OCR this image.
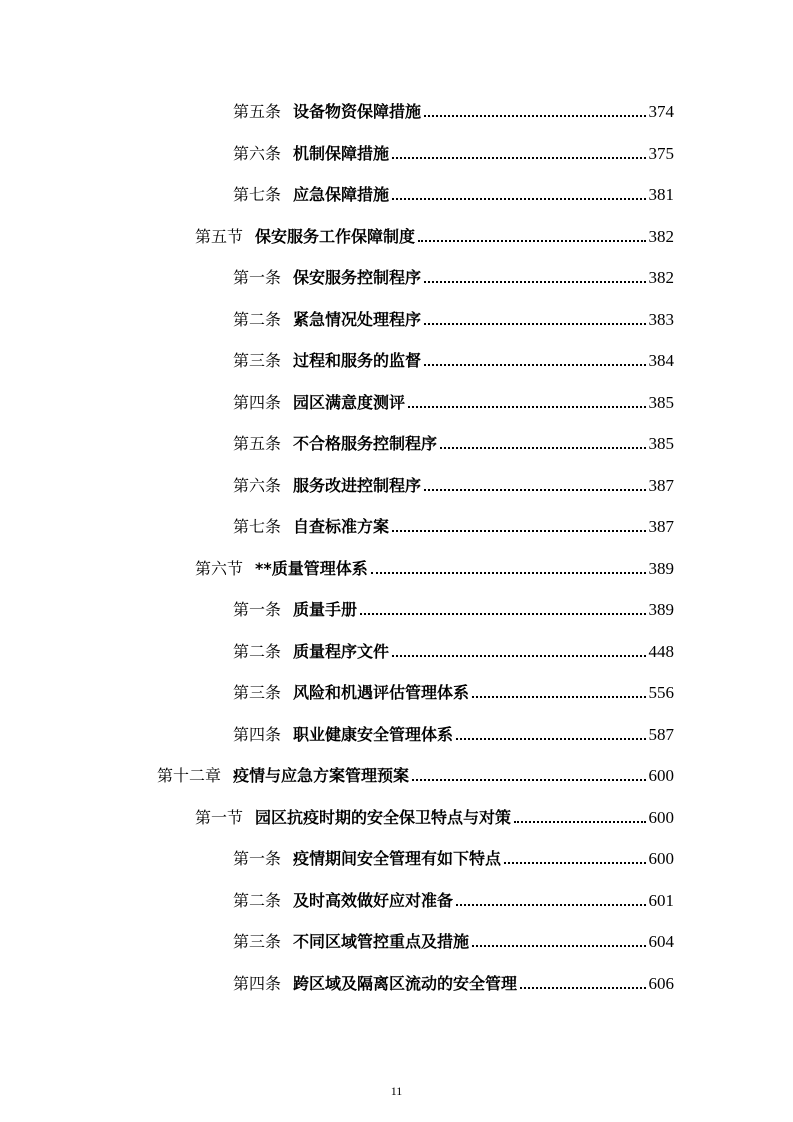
第五条 设备物资保障措施	374
第六条 机制保障措施	375
第七条 应急保障措施	381
第五节 保安服务工作保障制度	382
第一条 保安服务控制程序	382
第二条 紧急情况处理程序	383
第三条 过程和服务的监督	384
第四条 园区满意度测评	385
第五条 不合格服务控制程序	385
第六条 服务改进控制程序	387
第七条 自查标准方案	387
第六节 **质量管理体系	389
第一条 质量手册	389
第二条 质量程序文件	448
第三条 风险和机遇评估管理体系	556
第四条 职业健康安全管理体系	587
第十二章 疫情与应急方案管理预案	600
第一节 园区抗疫时期的安全保卫特点与对策	600
第一条 疫情期间安全管理有如下特点	600
第二条 及时高效做好应对准备	601
第三条 不同区域管控重点及措施	604
第四条 跨区域及隔离区流动的安全管理	606
11
